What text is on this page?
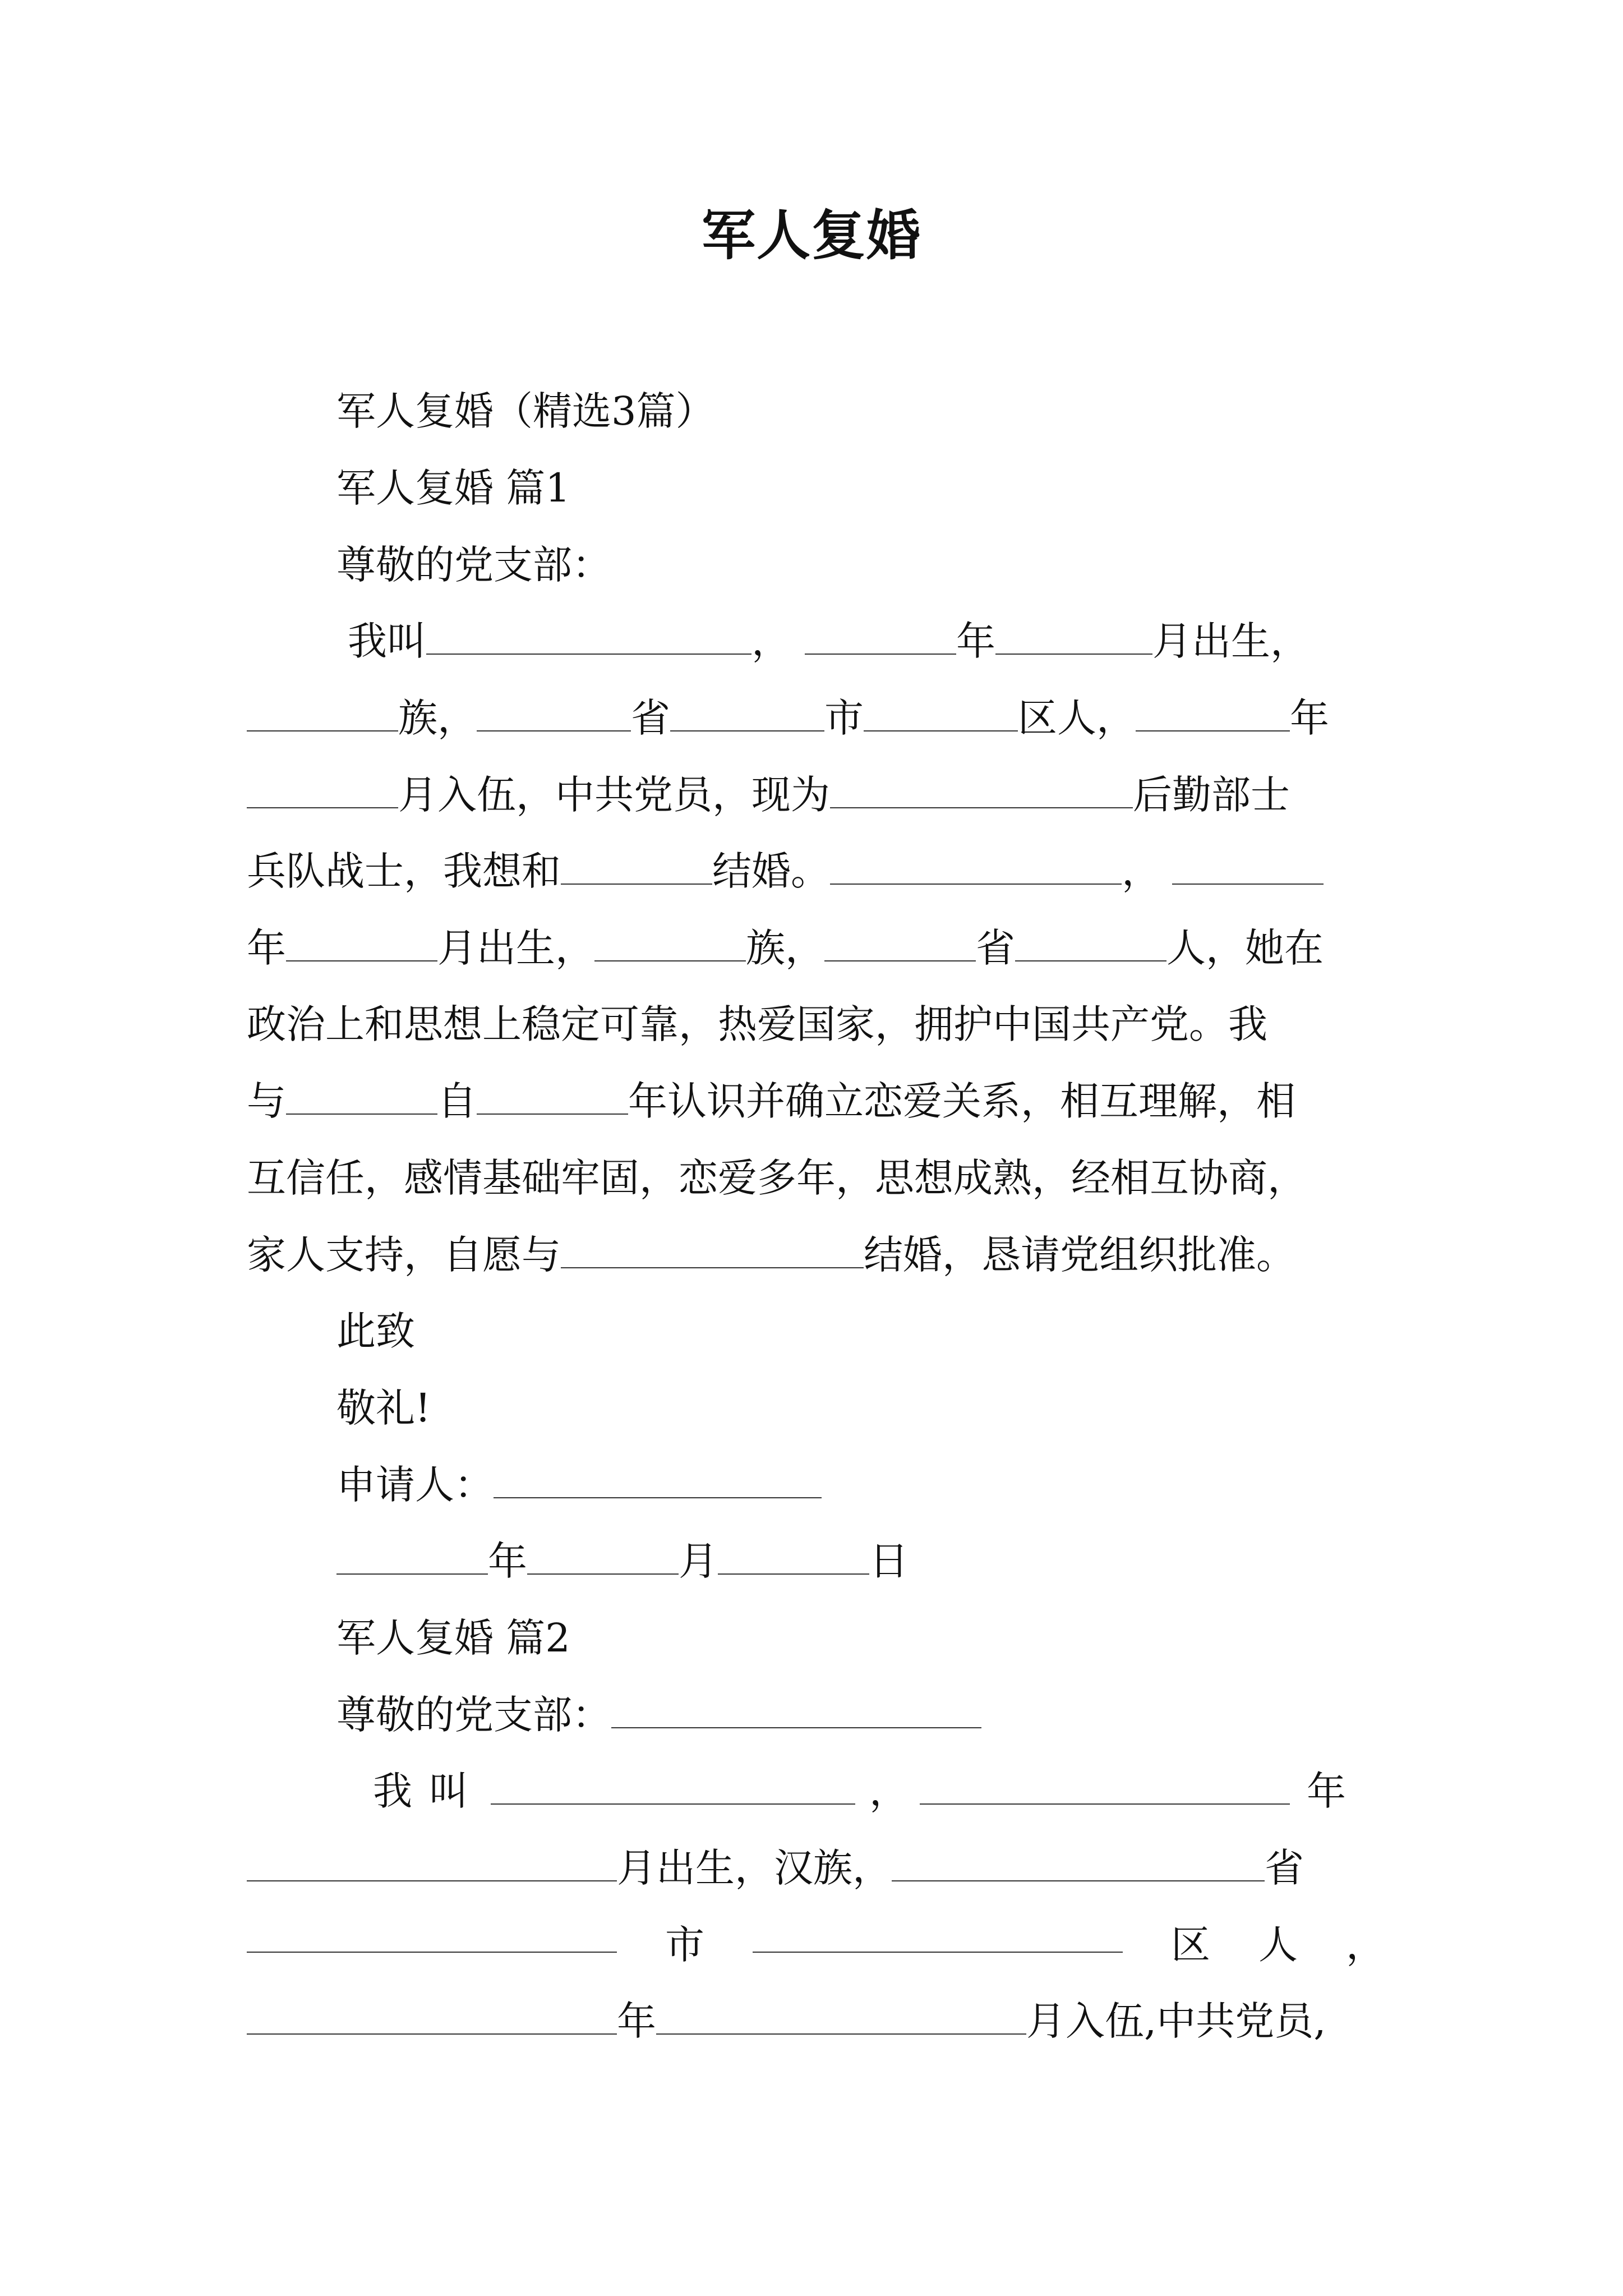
军人复婚
军人复婚（精选3篇）
军人复婚 篇1
尊敬的党支部：
我叫	，	年	月出生，
族，	省	市	区人，	年
月入伍，中共党员，现为	后勤部士
兵队战士，我想和	结婚。	，
年	月出生，	族，	省	人，她在
政治上和思想上稳定可靠，热爱国家，拥护中国共产党。我
与	自	年认识并确立恋爱关系，相互理解，相
互信任，感情基础牢固，恋爱多年，思想成熟，经相互协商，
家人支持，自愿与	结婚，恳请党组织批准。
此致
敬礼!
申请人：
年	月	日
军人复婚 篇2
尊敬的党支部：
我 叫	，	年
月出生，汉族，	省
市	区 人 ，
年	月入伍,中共党员,
